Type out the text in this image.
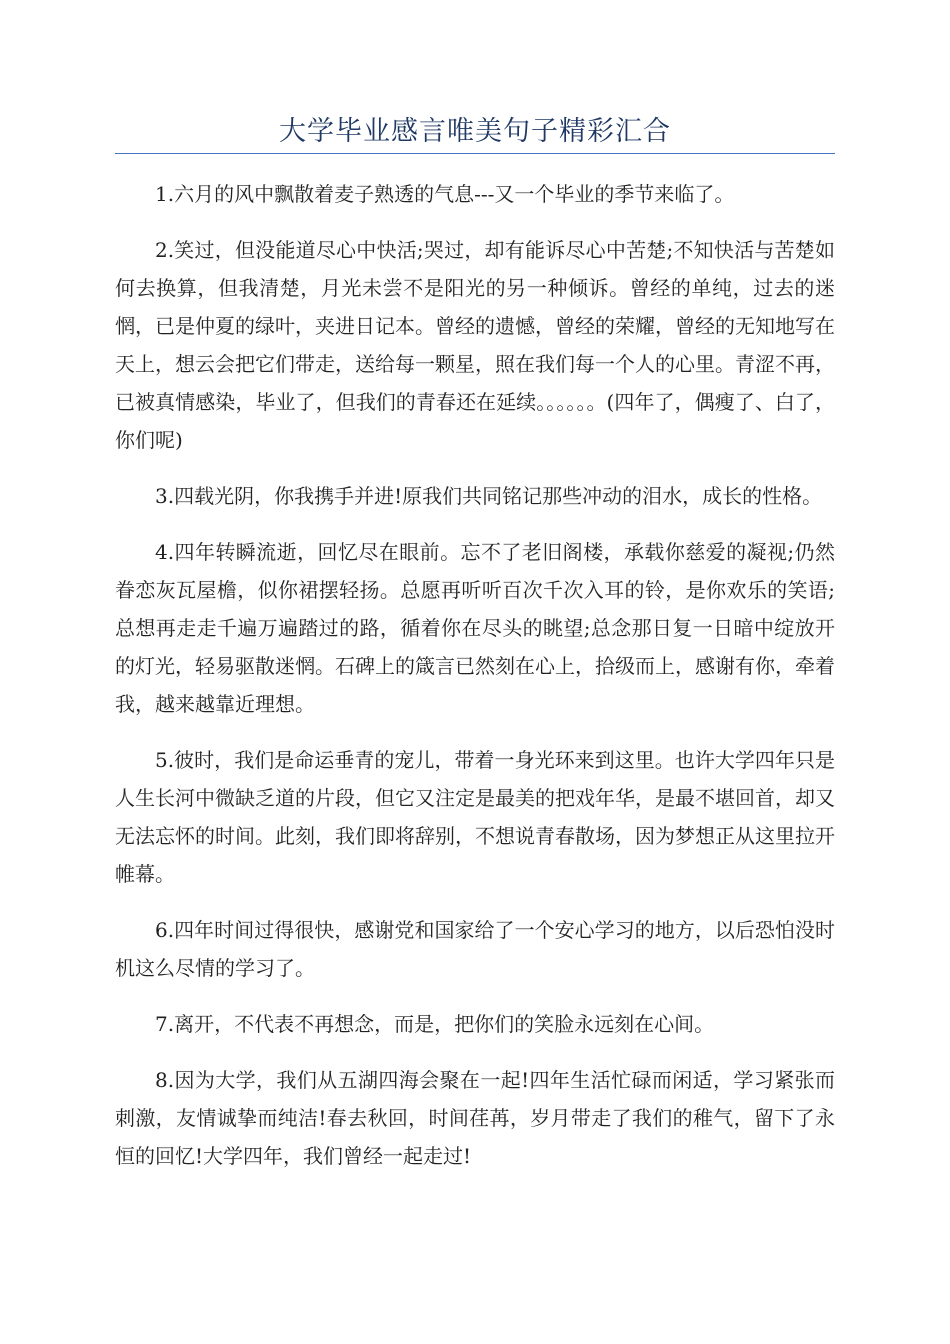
大学毕业感言唯美句子精彩汇合

1.六月的风中飘散着麦子熟透的气息---又一个毕业的季节来临了。

2.笑过，但没能道尽心中快活;哭过，却有能诉尽心中苦楚;不知快活与苦楚如何去换算，但我清楚，月光未尝不是阳光的另一种倾诉。曾经的单纯，过去的迷惘，已是仲夏的绿叶，夹进日记本。曾经的遗憾，曾经的荣耀，曾经的无知地写在天上，想云会把它们带走，送给每一颗星，照在我们每一个人的心里。青涩不再，已被真情感染，毕业了，但我们的青春还在延续。。。。。。(四年了，偶瘦了、白了，你们呢)

3.四载光阴，你我携手并进!原我们共同铭记那些冲动的泪水，成长的性格。

4.四年转瞬流逝，回忆尽在眼前。忘不了老旧阁楼，承载你慈爱的凝视;仍然眷恋灰瓦屋檐，似你裙摆轻扬。总愿再听听百次千次入耳的铃，是你欢乐的笑语;总想再走走千遍万遍踏过的路，循着你在尽头的眺望;总念那日复一日暗中绽放开的灯光，轻易驱散迷惘。石碑上的箴言已然刻在心上，拾级而上，感谢有你，牵着我，越来越靠近理想。

5.彼时，我们是命运垂青的宠儿，带着一身光环来到这里。也许大学四年只是人生长河中微缺乏道的片段，但它又注定是最美的把戏年华，是最不堪回首，却又无法忘怀的时间。此刻，我们即将辞别，不想说青春散场，因为梦想正从这里拉开帷幕。

6.四年时间过得很快，感谢党和国家给了一个安心学习的地方，以后恐怕没时机这么尽情的学习了。

7.离开，不代表不再想念，而是，把你们的笑脸永远刻在心间。

8.因为大学，我们从五湖四海会聚在一起!四年生活忙碌而闲适，学习紧张而刺激，友情诚挚而纯洁!春去秋回，时间荏苒，岁月带走了我们的稚气，留下了永恒的回忆!大学四年，我们曾经一起走过!
